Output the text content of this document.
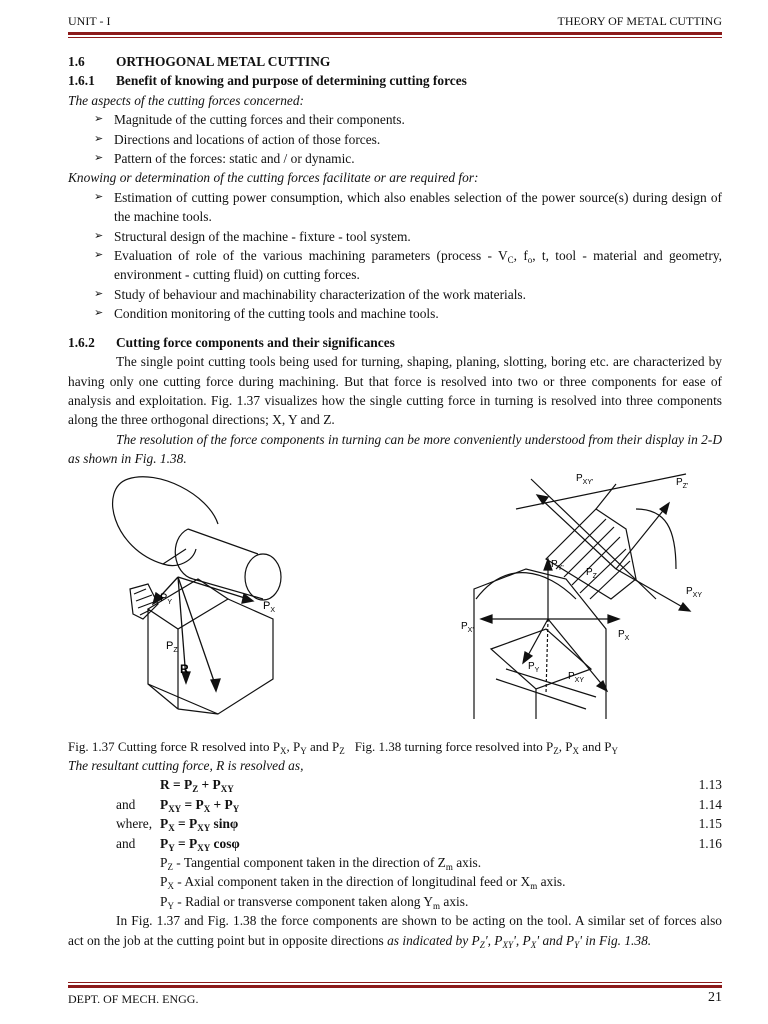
UNIT - I	THEORY OF METAL CUTTING

1.6 ORTHOGONAL METAL CUTTING

1.6.1 Benefit of knowing and purpose of determining cutting forces

The aspects of the cutting forces concerned:

➢ Magnitude of the cutting forces and their components.
➢ Directions and locations of action of those forces.
➢ Pattern of the forces: static and / or dynamic.

Knowing or determination of the cutting forces facilitate or are required for:

➢ Estimation of cutting power consumption, which also enables selection of the power source(s) during design of the machine tools.
➢ Structural design of the machine - fixture - tool system.
➢ Evaluation of role of the various machining parameters (process - $V_C$, $f_o$, t, tool - material and geometry, environment - cutting fluid) on cutting forces.
➢ Study of behaviour and machinability characterization of the work materials.
➢ Condition monitoring of the cutting tools and machine tools.

1.6.2 Cutting force components and their significances

The single point cutting tools being used for turning, shaping, planing, slotting, boring etc. are characterized by having only one cutting force during machining. But that force is resolved into two or three components for ease of analysis and exploitation. Fig. 1.37 visualizes how the single cutting force in turning is resolved into three components along the three orthogonal directions; X, Y and Z.

The resolution of the force components in turning can be more conveniently understood from their display in 2-D as shown in Fig. 1.38.

$P_Y$	$P_X$
$P_Z$
R
$P_{XY'}$	$P_{Z'}$
$P_{Y'}$ $P_Z$
$P_{XY}$
$P_{X'}$	$P_X$
$P_Y$
$P_{XY}$

Fig. 1.37 Cutting force R resolved into $P_X$, $P_Y$ and $P_Z$ Fig. 1.38 turning force resolved into $P_Z$, $P_X$ and $P_Y$

The resultant cutting force, R is resolved as,

$R = P_Z + P_{XY}$	1.13
and $P_{XY} = P_X + P_Y$	1.14
where, $P_X = P_{XY}$ sinφ	1.15
and $P_Y = P_{XY}$ cosφ	1.16

$P_Z$ - Tangential component taken in the direction of $Z_m$ axis.

$P_X$ - Axial component taken in the direction of longitudinal feed or $X_m$ axis.

$P_Y$ - Radial or transverse component taken along $Y_m$ axis.

In Fig. 1.37 and Fig. 1.38 the force components are shown to be acting on the tool. A similar set of forces also act on the job at the cutting point but in opposite directions as indicated by $P_Z'$, $P_{XY}'$, $P_X'$ and $P_Y'$ in Fig. 1.38.

DEPT. OF MECH. ENGG.	21
